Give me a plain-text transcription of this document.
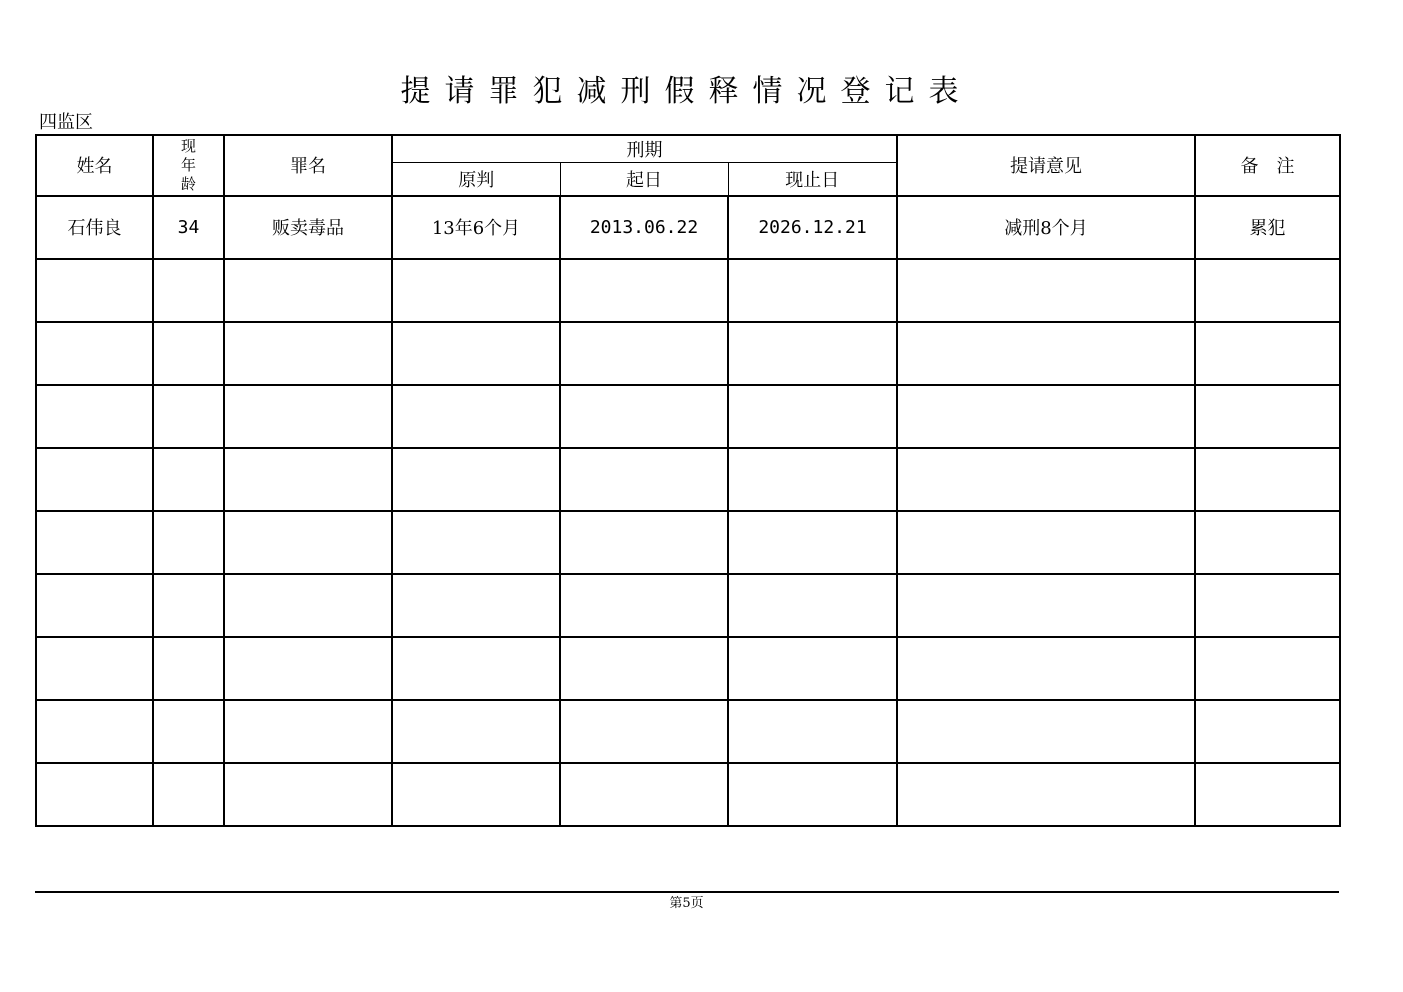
提请罪犯减刑假释情况登记表
四监区
姓名	现年龄	罪名	刑期			提请意见	备　注
			原判	起日	现止日		
石伟良	34	贩卖毒品	13年6个月	2013.06.22	2026.12.21	减刑8个月	累犯

第5页
